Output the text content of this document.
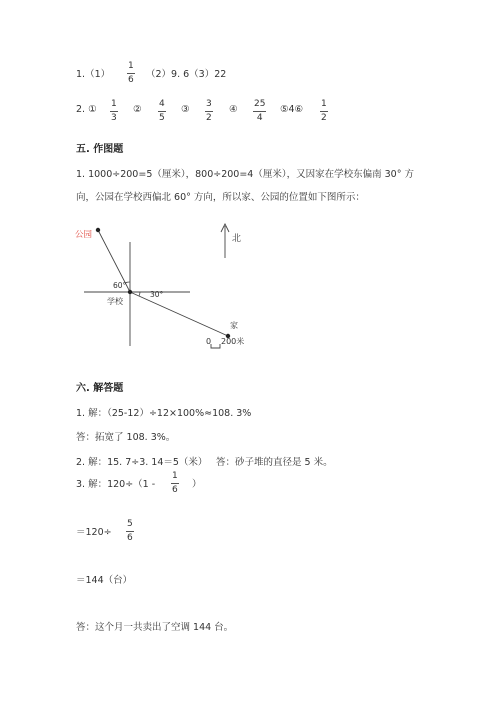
1.（1）
1
6 （2）9. 6（3）22
2. ① 1
3
② 4
5
③ 3
2
④ 25
4
⑤4⑥ 1
2
五. 作图题
1. 1000÷200=5（厘米），800÷200=4（厘米），又因家在学校东偏南 30° 方
向，公园在学校西偏北 60° 方向，所以家、公园的位置如下图所示：
公园	北
60°
30°
学校
家
0 200米
六. 解答题
1. 解：（25-12）÷12×100%≈108. 3%
答：拓宽了 108. 3%。
2. 解：15. 7÷3. 14＝5（米） 答：砂子堆的直径是 5 米。
3. 解：120÷（1 -
1
6 ）
＝120÷
5
6
＝144（台）
答：这个月一共卖出了空调 144 台。
